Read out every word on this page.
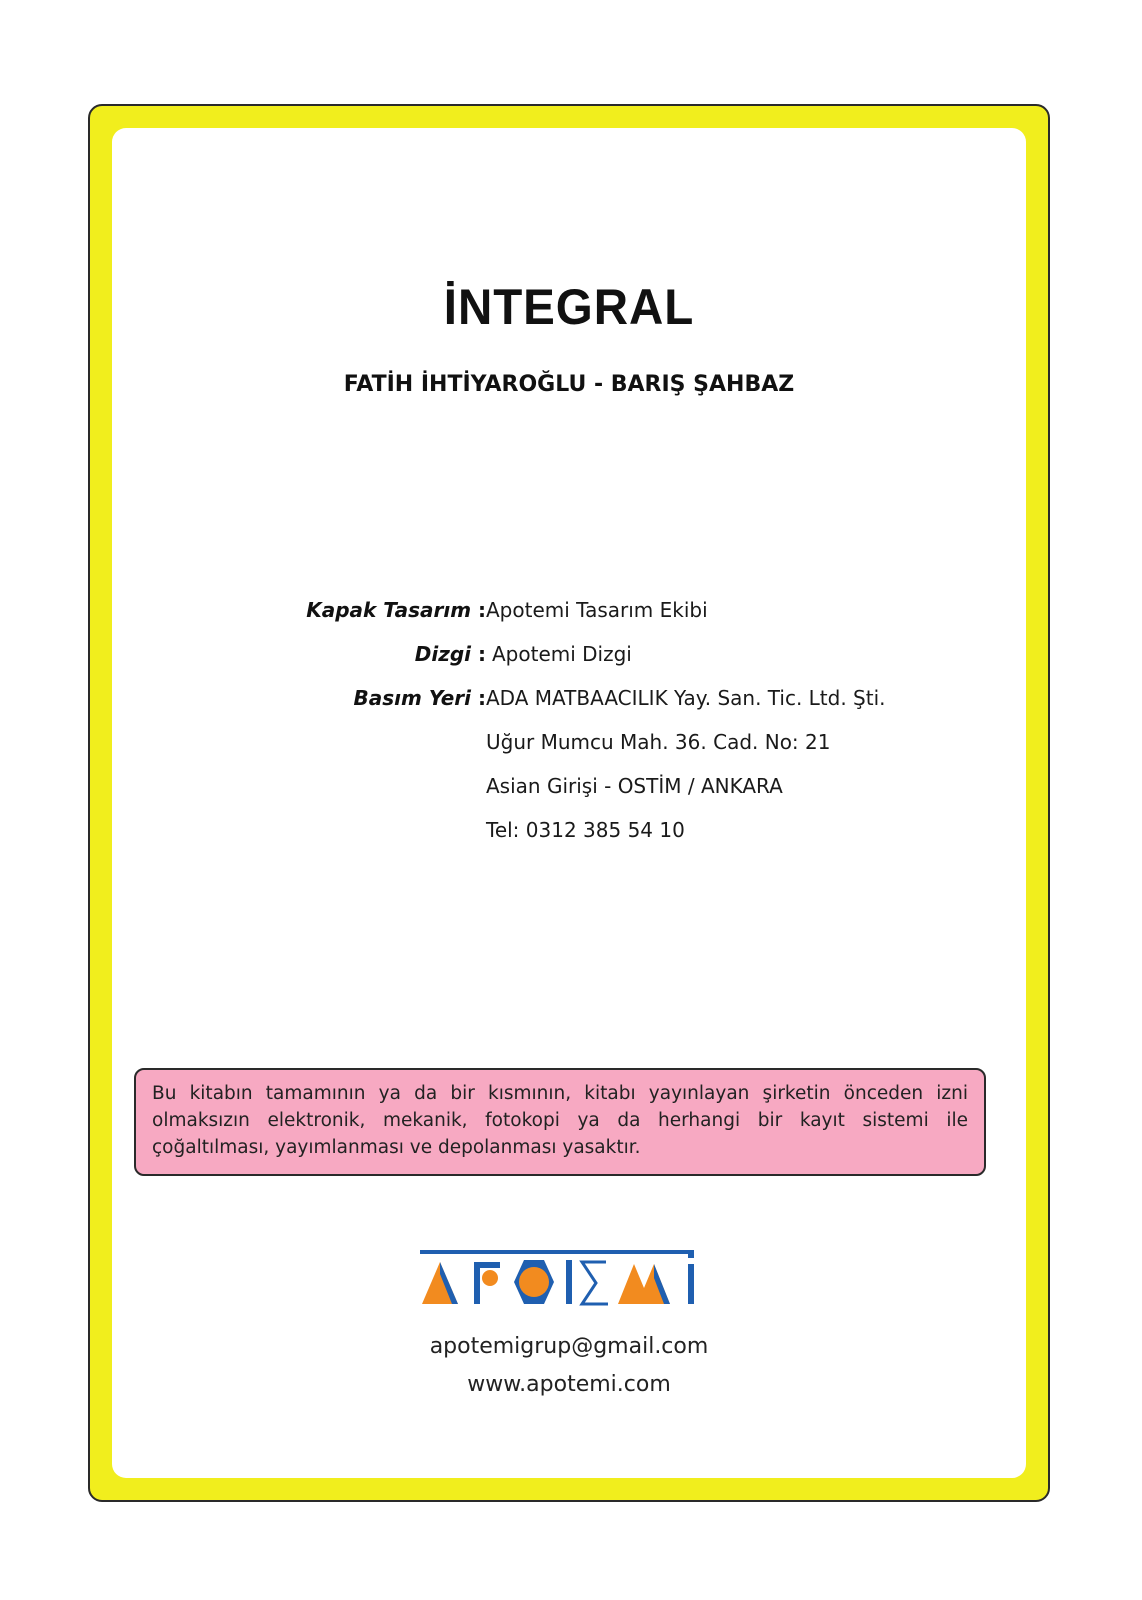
İNTEGRAL
FATİH İHTİYAROĞLU - BARIŞ ŞAHBAZ
Kapak Tasarım : Apotemi Tasarım Ekibi
Dizgi :	Apotemi Dizgi
Basım Yeri : ADA MATBAACILIK Yay. San. Tic. Ltd. Şti.
Uğur Mumcu Mah. 36. Cad. No: 21
Asian Girişi - OSTİM / ANKARA
Tel: 0312 385 54 10
Bu kitabın tamamının ya da bir kısmının, kitabı yayınlayan şirketin önceden izni olmaksızın elektronik, mekanik, fotokopi ya da herhangi bir kayıt sistemi ile çoğaltılması, yayımlanması ve depolanması yasaktır.
apotemigrup@gmail.com
www.apotemi.com
